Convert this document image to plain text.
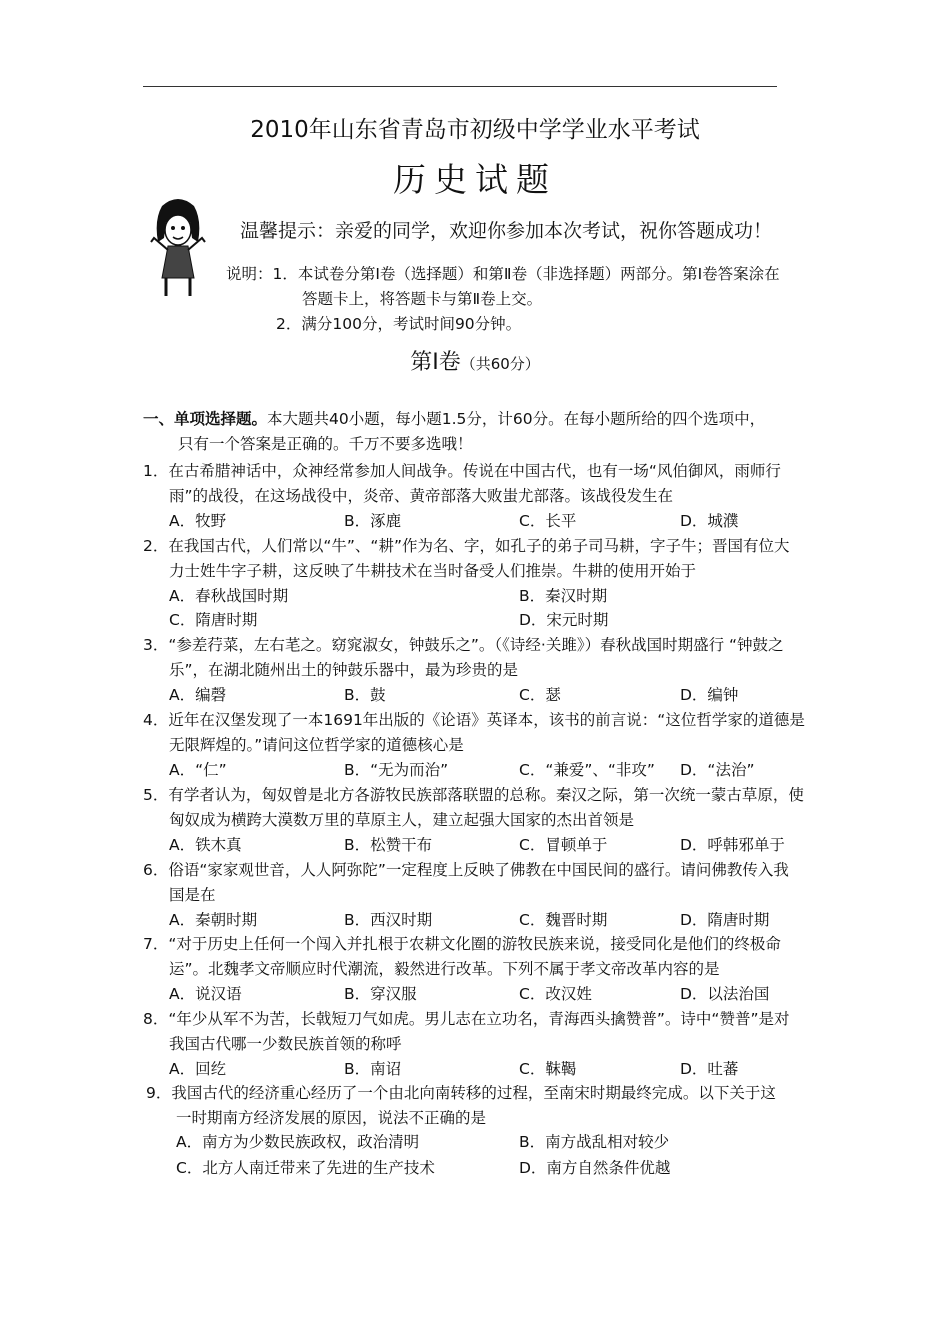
2010年山东省青岛市初级中学学业水平考试
历史试题
温馨提示：亲爱的同学，欢迎你参加本次考试，祝你答题成功！
说明：1．本试卷分第Ⅰ卷（选择题）和第Ⅱ卷（非选择题）两部分。第Ⅰ卷答案涂在
答题卡上，将答题卡与第Ⅱ卷上交。
2．满分100分，考试时间90分钟。
第Ⅰ卷（共60分）
一、单项选择题。本大题共40小题，每小题1.5分，计60分。在每小题所给的四个选项中，
只有一个答案是正确的。千万不要多选哦！
1．在古希腊神话中，众神经常参加人间战争。传说在中国古代，也有一场“风伯御风，雨师行
雨”的战役，在这场战役中，炎帝、黄帝部落大败蚩尤部落。该战役发生在
A．牧野	B．涿鹿	C．长平	D．城濮
2．在我国古代，人们常以“牛”、“耕”作为名、字，如孔子的弟子司马耕，字子牛；晋国有位大
力士姓牛字子耕，这反映了牛耕技术在当时备受人们推崇。牛耕的使用开始于
A．春秋战国时期	B．秦汉时期
C．隋唐时期	D．宋元时期
3．“参差荇菜，左右芼之。窈窕淑女，钟鼓乐之”。（《诗经·关雎》）春秋战国时期盛行 “钟鼓之
乐”，在湖北随州出土的钟鼓乐器中，最为珍贵的是
A．编磬	B．鼓	C．瑟	D．编钟
4．近年在汉堡发现了一本1691年出版的《论语》英译本，该书的前言说：“这位哲学家的道德是
无限辉煌的。”请问这位哲学家的道德核心是
A．“仁”	B．“无为而治”	C．“兼爱”、“非攻” D．“法治”
5．有学者认为，匈奴曾是北方各游牧民族部落联盟的总称。秦汉之际，第一次统一蒙古草原，使
匈奴成为横跨大漠数万里的草原主人，建立起强大国家的杰出首领是
A．铁木真	B．松赞干布	C．冒顿单于	D．呼韩邪单于
6．俗语“家家观世音，人人阿弥陀”一定程度上反映了佛教在中国民间的盛行。请问佛教传入我
国是在
A．秦朝时期	B．西汉时期	C．魏晋时期	D．隋唐时期
7．“对于历史上任何一个闯入并扎根于农耕文化圈的游牧民族来说，接受同化是他们的终极命
运”。北魏孝文帝顺应时代潮流，毅然进行改革。下列不属于孝文帝改革内容的是
A．说汉语	B．穿汉服	C．改汉姓	D．以法治国
8．“年少从军不为苦，长戟短刀气如虎。男儿志在立功名，青海西头擒赞普”。诗中“赞普”是对
我国古代哪一少数民族首领的称呼
A．回纥	B．南诏	C．靺鞨	D．吐蕃
9．我国古代的经济重心经历了一个由北向南转移的过程，至南宋时期最终完成。以下关于这
一时期南方经济发展的原因，说法不正确的是
A．南方为少数民族政权，政治清明	B．南方战乱相对较少
C．北方人南迁带来了先进的生产技术	D．南方自然条件优越
